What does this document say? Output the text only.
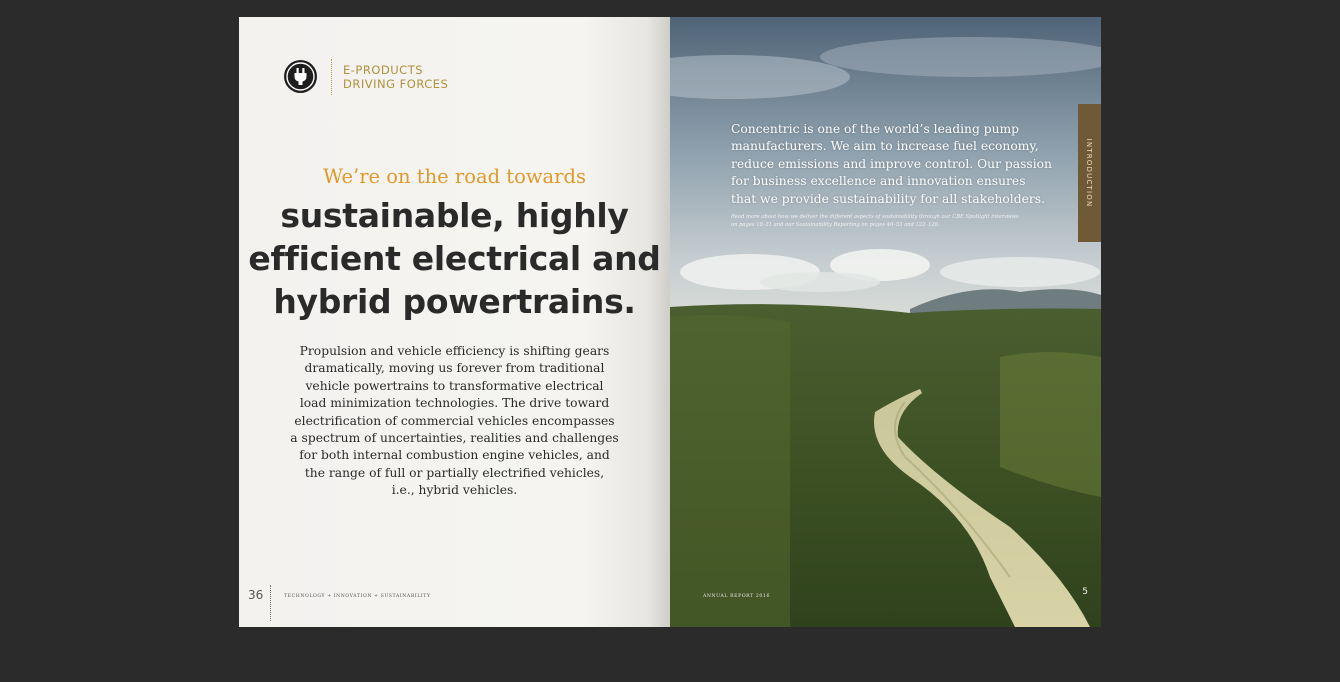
E-PRODUCTS
DRIVING FORCES
We’re on the road towards
sustainable, highly
efficient electrical and
hybrid powertrains.
Propulsion and vehicle efficiency is shifting gears
dramatically, moving us forever from traditional
vehicle powertrains to transformative electrical
load minimization technologies. The drive toward
electrification of commercial vehicles encompasses
a spectrum of uncertainties, realities and challenges
for both internal combustion engine vehicles, and
the range of full or partially electrified vehicles,
i.e., hybrid vehicles.
36	TECHNOLOGY + INNOVATION + SUSTAINABILITY
Concentric is one of the world’s leading pump
manufacturers. We aim to increase fuel economy,
reduce emissions and improve control. Our passion
for business excellence and innovation ensures
that we provide sustainability for all stakeholders.
Read more about how we deliver the different aspects of sustainability through our CBE Spotlight interviews
on pages 18–31 and our Sustainability Reporting on pages 46–53 and 122–126.
INTRODUCTION
ANNUAL REPORT 2016	5
